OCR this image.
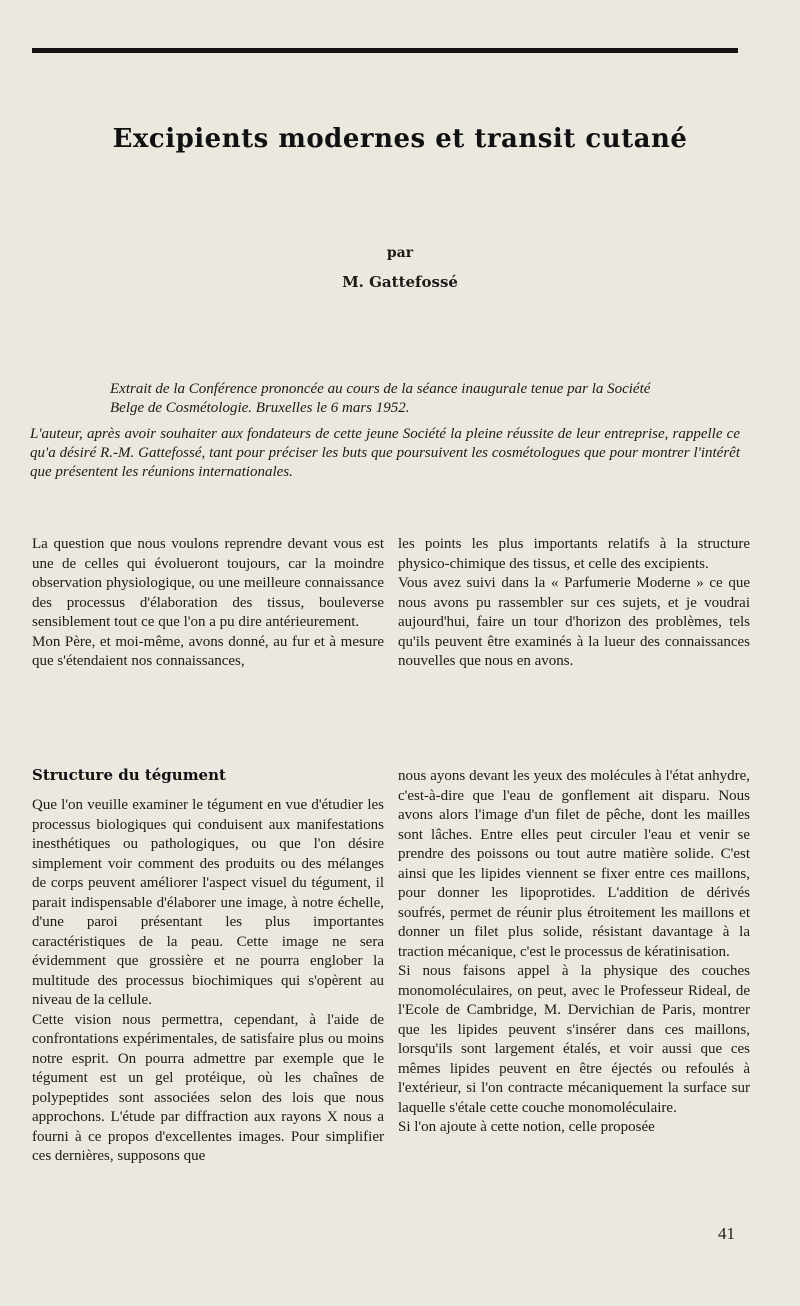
Excipients modernes et transit cutané
par
M. Gattefossé
Extrait de la Conférence prononcée au cours de la séance inaugurale tenue par la Société Belge de Cosmétologie. Bruxelles le 6 mars 1952.
L'auteur, après avoir souhaiter aux fondateurs de cette jeune Société la pleine réussite de leur entreprise, rappelle ce qu'a désiré R.-M. Gattefossé, tant pour préciser les buts que poursuivent les cosmétologues que pour montrer l'intérêt que présentent les réunions internationales.

La question que nous voulons reprendre devant vous est une de celles qui évolueront toujours, car la moindre observation physiologique, ou une meilleure connaissance des processus d'élaboration des tissus, bouleverse sensiblement tout ce que l'on a pu dire antérieurement.

Mon Père, et moi-même, avons donné, au fur et à mesure que s'étendaient nos connaissances,

les points les plus importants relatifs à la structure physico-chimique des tissus, et celle des excipients.

Vous avez suivi dans la « Parfumerie Moderne » ce que nous avons pu rassembler sur ces sujets, et je voudrai aujourd'hui, faire un tour d'horizon des problèmes, tels qu'ils peuvent être examinés à la lueur des connaissances nouvelles que nous en avons.

Structure du tégument

Que l'on veuille examiner le tégument en vue d'étudier les processus biologiques qui conduisent aux manifestations inesthétiques ou pathologiques, ou que l'on désire simplement voir comment des produits ou des mélanges de corps peuvent améliorer l'aspect visuel du tégument, il parait indispensable d'élaborer une image, à notre échelle, d'une paroi présentant les plus importantes caractéristiques de la peau. Cette image ne sera évidemment que grossière et ne pourra englober la multitude des processus biochimiques qui s'opèrent au niveau de la cellule.

Cette vision nous permettra, cependant, à l'aide de confrontations expérimentales, de satisfaire plus ou moins notre esprit. On pourra admettre par exemple que le tégument est un gel protéique, où les chaînes de polypeptides sont associées selon des lois que nous approchons. L'étude par diffraction aux rayons X nous a fourni à ce propos d'excellentes images. Pour simplifier ces dernières, supposons que

nous ayons devant les yeux des molécules à l'état anhydre, c'est-à-dire que l'eau de gonflement ait disparu. Nous avons alors l'image d'un filet de pêche, dont les mailles sont lâches. Entre elles peut circuler l'eau et venir se prendre des poissons ou tout autre matière solide. C'est ainsi que les lipides viennent se fixer entre ces maillons, pour donner les lipoprotides. L'addition de dérivés soufrés, permet de réunir plus étroitement les maillons et donner un filet plus solide, résistant davantage à la traction mécanique, c'est le processus de kératinisation.

Si nous faisons appel à la physique des couches monomoléculaires, on peut, avec le Professeur Rideal, de l'Ecole de Cambridge, M. Dervichian de Paris, montrer que les lipides peuvent s'insérer dans ces maillons, lorsqu'ils sont largement étalés, et voir aussi que ces mêmes lipides peuvent en être éjectés ou refoulés à l'extérieur, si l'on contracte mécaniquement la surface sur laquelle s'étale cette couche monomoléculaire.

Si l'on ajoute à cette notion, celle proposée

41
